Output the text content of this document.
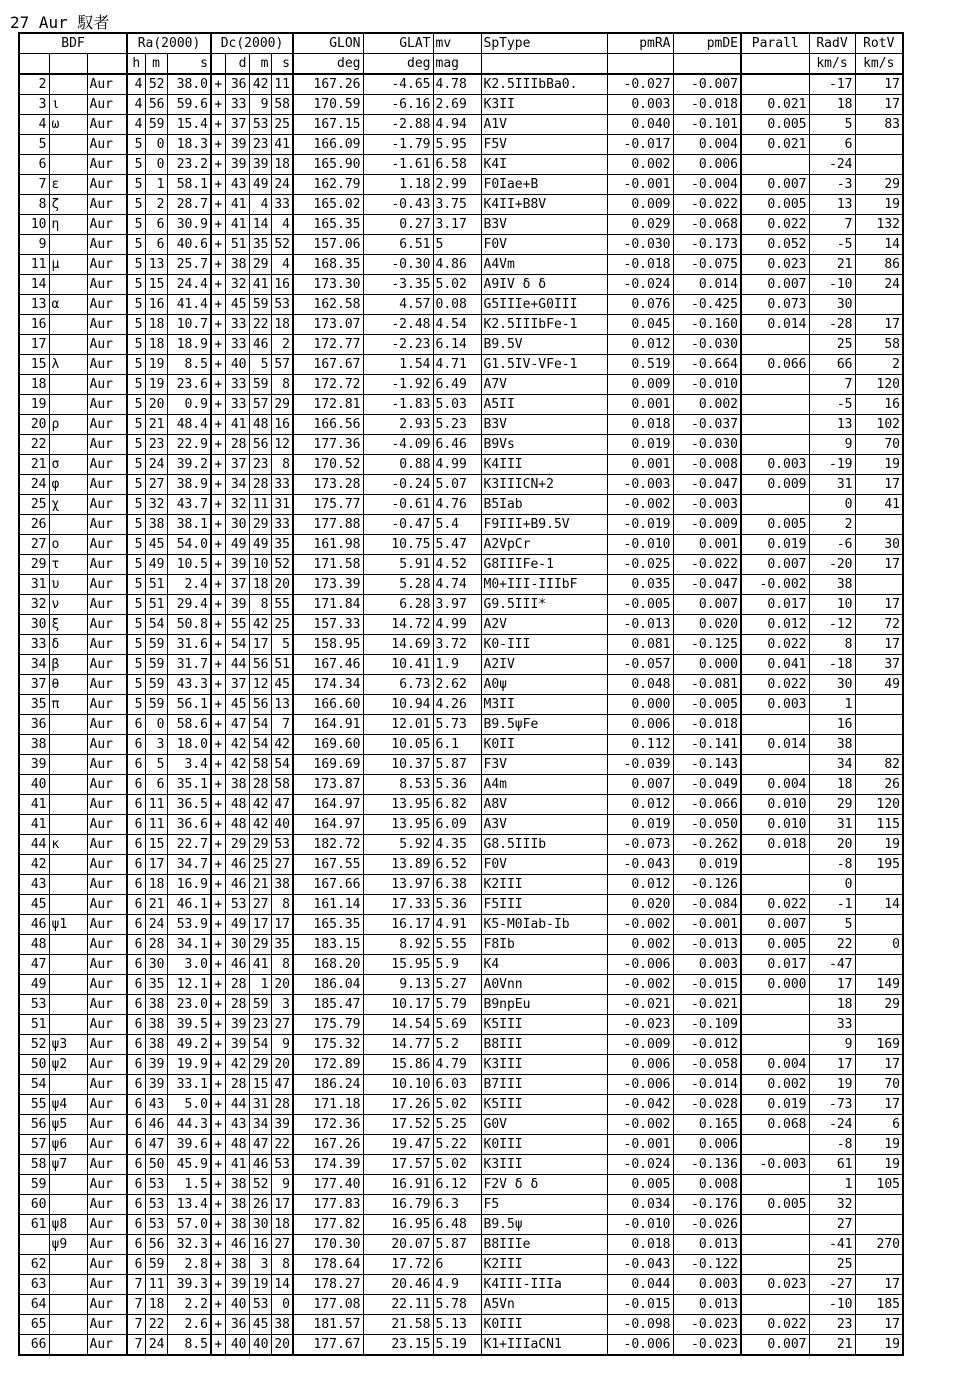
27 Aur 馭者
BDF			Ra(2000)			Dc(2000)				GLON	GLAT	mv	SpType	pmRA	pmDE	Parall	RadV	RotV
			h	m	s		d	m	s	deg	deg	mag					km/s	km/s
2		Aur	4	52	38.0	+	36	42	11	167.26	-4.65	4.78	K2.5IIIbBa0.	-0.027	-0.007		-17	17
3	ι	Aur	4	56	59.6	+	33	9	58	170.59	-6.16	2.69	K3II	0.003	-0.018	0.021	18	17
4	ω	Aur	4	59	15.4	+	37	53	25	167.15	-2.88	4.94	A1V	0.040	-0.101	0.005	5	83
5		Aur	5	0	18.3	+	39	23	41	166.09	-1.79	5.95	F5V	-0.017	0.004	0.021	6	
6		Aur	5	0	23.2	+	39	39	18	165.90	-1.61	6.58	K4I	0.002	0.006		-24	
7	ε	Aur	5	1	58.1	+	43	49	24	162.79	1.18	2.99	F0Iae+B	-0.001	-0.004	0.007	-3	29
8	ζ	Aur	5	2	28.7	+	41	4	33	165.02	-0.43	3.75	K4II+B8V	0.009	-0.022	0.005	13	19
10	η	Aur	5	6	30.9	+	41	14	4	165.35	0.27	3.17	B3V	0.029	-0.068	0.022	7	132
9		Aur	5	6	40.6	+	51	35	52	157.06	6.51	5	F0V	-0.030	-0.173	0.052	-5	14
11	μ	Aur	5	13	25.7	+	38	29	4	168.35	-0.30	4.86	A4Vm	-0.018	-0.075	0.023	21	86
14		Aur	5	15	24.4	+	32	41	16	173.30	-3.35	5.02	A9IV δ δ	-0.024	0.014	0.007	-10	24
13	α	Aur	5	16	41.4	+	45	59	53	162.58	4.57	0.08	G5IIIe+G0III	0.076	-0.425	0.073	30	
16		Aur	5	18	10.7	+	33	22	18	173.07	-2.48	4.54	K2.5IIIbFe-1	0.045	-0.160	0.014	-28	17
17		Aur	5	18	18.9	+	33	46	2	172.77	-2.23	6.14	B9.5V	0.012	-0.030		25	58
15	λ	Aur	5	19	8.5	+	40	5	57	167.67	1.54	4.71	G1.5IV-VFe-1	0.519	-0.664	0.066	66	2
18		Aur	5	19	23.6	+	33	59	8	172.72	-1.92	6.49	A7V	0.009	-0.010		7	120
19		Aur	5	20	0.9	+	33	57	29	172.81	-1.83	5.03	A5II	0.001	0.002		-5	16
20	ρ	Aur	5	21	48.4	+	41	48	16	166.56	2.93	5.23	B3V	0.018	-0.037		13	102
22		Aur	5	23	22.9	+	28	56	12	177.36	-4.09	6.46	B9Vs	0.019	-0.030		9	70
21	σ	Aur	5	24	39.2	+	37	23	8	170.52	0.88	4.99	K4III	0.001	-0.008	0.003	-19	19
24	φ	Aur	5	27	38.9	+	34	28	33	173.28	-0.24	5.07	K3IIICN+2	-0.003	-0.047	0.009	31	17
25	χ	Aur	5	32	43.7	+	32	11	31	175.77	-0.61	4.76	B5Iab	-0.002	-0.003		0	41
26		Aur	5	38	38.1	+	30	29	33	177.88	-0.47	5.4	F9III+B9.5V	-0.019	-0.009	0.005	2	
27	ο	Aur	5	45	54.0	+	49	49	35	161.98	10.75	5.47	A2VpCr	-0.010	0.001	0.019	-6	30
29	τ	Aur	5	49	10.5	+	39	10	52	171.58	5.91	4.52	G8IIIFe-1	-0.025	-0.022	0.007	-20	17
31	υ	Aur	5	51	2.4	+	37	18	20	173.39	5.28	4.74	M0+III-IIIbF	0.035	-0.047	-0.002	38	
32	ν	Aur	5	51	29.4	+	39	8	55	171.84	6.28	3.97	G9.5III*	-0.005	0.007	0.017	10	17
30	ξ	Aur	5	54	50.8	+	55	42	25	157.33	14.72	4.99	A2V	-0.013	0.020	0.012	-12	72
33	δ	Aur	5	59	31.6	+	54	17	5	158.95	14.69	3.72	K0-III	0.081	-0.125	0.022	8	17
34	β	Aur	5	59	31.7	+	44	56	51	167.46	10.41	1.9	A2IV	-0.057	0.000	0.041	-18	37
37	θ	Aur	5	59	43.3	+	37	12	45	174.34	6.73	2.62	A0ψ	0.048	-0.081	0.022	30	49
35	π	Aur	5	59	56.1	+	45	56	13	166.60	10.94	4.26	M3II	0.000	-0.005	0.003	1	
36		Aur	6	0	58.6	+	47	54	7	164.91	12.01	5.73	B9.5ψFe	0.006	-0.018		16	
38		Aur	6	3	18.0	+	42	54	42	169.60	10.05	6.1	K0II	0.112	-0.141	0.014	38	
39		Aur	6	5	3.4	+	42	58	54	169.69	10.37	5.87	F3V	-0.039	-0.143		34	82
40		Aur	6	6	35.1	+	38	28	58	173.87	8.53	5.36	A4m	0.007	-0.049	0.004	18	26
41		Aur	6	11	36.5	+	48	42	47	164.97	13.95	6.82	A8V	0.012	-0.066	0.010	29	120
41		Aur	6	11	36.6	+	48	42	40	164.97	13.95	6.09	A3V	0.019	-0.050	0.010	31	115
44	κ	Aur	6	15	22.7	+	29	29	53	182.72	5.92	4.35	G8.5IIIb	-0.073	-0.262	0.018	20	19
42		Aur	6	17	34.7	+	46	25	27	167.55	13.89	6.52	F0V	-0.043	0.019		-8	195
43		Aur	6	18	16.9	+	46	21	38	167.66	13.97	6.38	K2III	0.012	-0.126		0	
45		Aur	6	21	46.1	+	53	27	8	161.14	17.33	5.36	F5III	0.020	-0.084	0.022	-1	14
46	ψ1	Aur	6	24	53.9	+	49	17	17	165.35	16.17	4.91	K5-M0Iab-Ib	-0.002	-0.001	0.007	5	
48		Aur	6	28	34.1	+	30	29	35	183.15	8.92	5.55	F8Ib	0.002	-0.013	0.005	22	0
47		Aur	6	30	3.0	+	46	41	8	168.20	15.95	5.9	K4	-0.006	0.003	0.017	-47	
49		Aur	6	35	12.1	+	28	1	20	186.04	9.13	5.27	A0Vnn	-0.002	-0.015	0.000	17	149
53		Aur	6	38	23.0	+	28	59	3	185.47	10.17	5.79	B9npEu	-0.021	-0.021		18	29
51		Aur	6	38	39.5	+	39	23	27	175.79	14.54	5.69	K5III	-0.023	-0.109		33	
52	ψ3	Aur	6	38	49.2	+	39	54	9	175.32	14.77	5.2	B8III	-0.009	-0.012		9	169
50	ψ2	Aur	6	39	19.9	+	42	29	20	172.89	15.86	4.79	K3III	0.006	-0.058	0.004	17	17
54		Aur	6	39	33.1	+	28	15	47	186.24	10.10	6.03	B7III	-0.006	-0.014	0.002	19	70
55	ψ4	Aur	6	43	5.0	+	44	31	28	171.18	17.26	5.02	K5III	-0.042	-0.028	0.019	-73	17
56	ψ5	Aur	6	46	44.3	+	43	34	39	172.36	17.52	5.25	G0V	-0.002	0.165	0.068	-24	6
57	ψ6	Aur	6	47	39.6	+	48	47	22	167.26	19.47	5.22	K0III	-0.001	0.006		-8	19
58	ψ7	Aur	6	50	45.9	+	41	46	53	174.39	17.57	5.02	K3III	-0.024	-0.136	-0.003	61	19
59		Aur	6	53	1.5	+	38	52	9	177.40	16.91	6.12	F2V δ δ	0.005	0.008		1	105
60		Aur	6	53	13.4	+	38	26	17	177.83	16.79	6.3	F5	0.034	-0.176	0.005	32	
61	ψ8	Aur	6	53	57.0	+	38	30	18	177.82	16.95	6.48	B9.5ψ	-0.010	-0.026		27	
	ψ9	Aur	6	56	32.3	+	46	16	27	170.30	20.07	5.87	B8IIIe	0.018	0.013		-41	270
62		Aur	6	59	2.8	+	38	3	8	178.64	17.72	6	K2III	-0.043	-0.122		25	
63		Aur	7	11	39.3	+	39	19	14	178.27	20.46	4.9	K4III-IIIa	0.044	0.003	0.023	-27	17
64		Aur	7	18	2.2	+	40	53	0	177.08	22.11	5.78	A5Vn	-0.015	0.013		-10	185
65		Aur	7	22	2.6	+	36	45	38	181.57	21.58	5.13	K0III	-0.098	-0.023	0.022	23	17
66		Aur	7	24	8.5	+	40	40	20	177.67	23.15	5.19	K1+IIIaCN1	-0.006	-0.023	0.007	21	19
